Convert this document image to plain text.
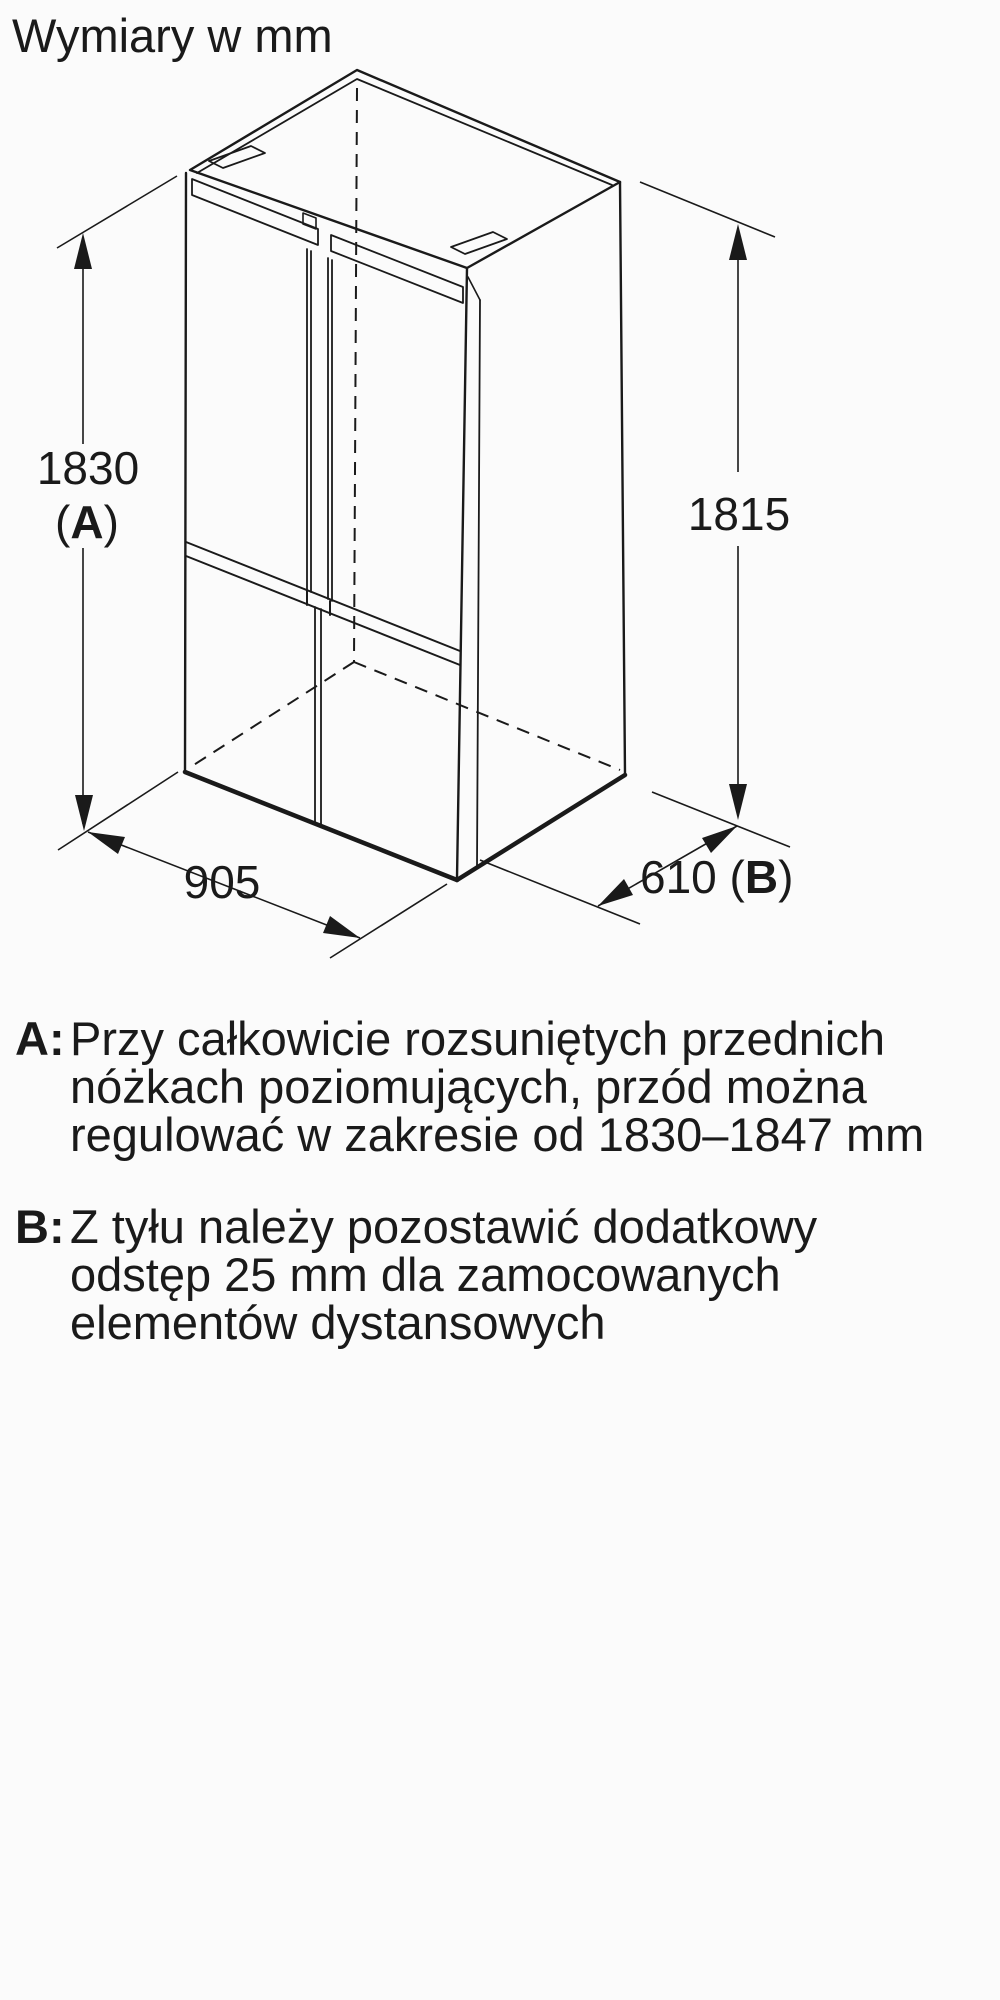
Wymiary w mm
1830
(A)	1815
905	610 (B)
A: Przy całkowicie rozsuniętych przednich
nóżkach poziomujących, przód można
regulować w zakresie od 1830–1847 mm
B: Z tyłu należy pozostawić dodatkowy
odstęp 25 mm dla zamocowanych
elementów dystansowych
